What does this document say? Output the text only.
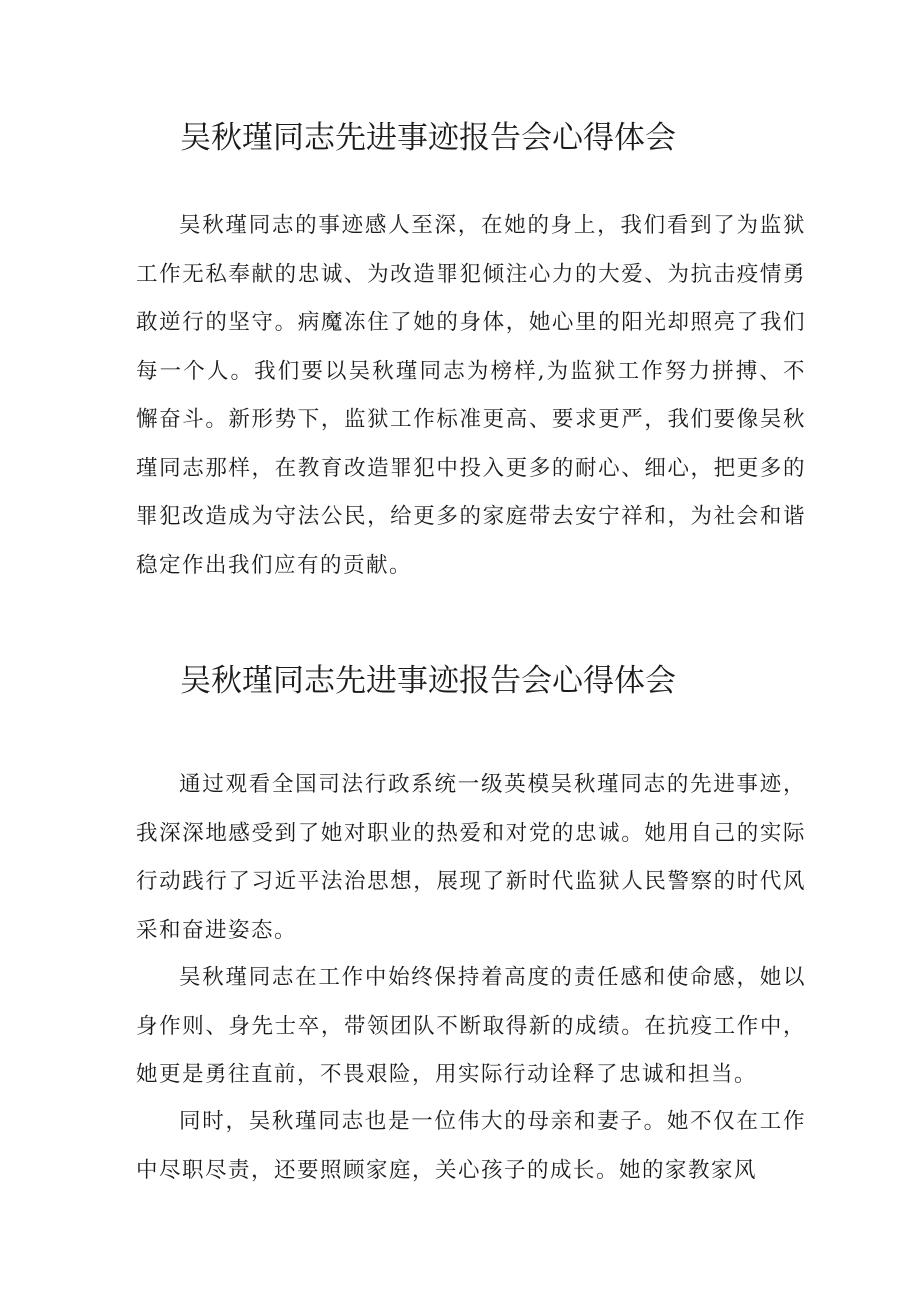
吴秋瑾同志先进事迹报告会心得体会

吴秋瑾同志的事迹感人至深，在她的身上，我们看到了为监狱工作无私奉献的忠诚、为改造罪犯倾注心力的大爱、为抗击疫情勇敢逆行的坚守。病魔冻住了她的身体，她心里的阳光却照亮了我们每一个人。我们要以吴秋瑾同志为榜样,为监狱工作努力拼搏、不懈奋斗。新形势下，监狱工作标准更高、要求更严，我们要像吴秋瑾同志那样，在教育改造罪犯中投入更多的耐心、细心，把更多的罪犯改造成为守法公民，给更多的家庭带去安宁祥和，为社会和谐稳定作出我们应有的贡献。

吴秋瑾同志先进事迹报告会心得体会

通过观看全国司法行政系统一级英模吴秋瑾同志的先进事迹，我深深地感受到了她对职业的热爱和对党的忠诚。她用自己的实际行动践行了习近平法治思想，展现了新时代监狱人民警察的时代风采和奋进姿态。

吴秋瑾同志在工作中始终保持着高度的责任感和使命感，她以身作则、身先士卒，带领团队不断取得新的成绩。在抗疫工作中，她更是勇往直前，不畏艰险，用实际行动诠释了忠诚和担当。

同时，吴秋瑾同志也是一位伟大的母亲和妻子。她不仅在工作中尽职尽责，还要照顾家庭，关心孩子的成长。她的家教家风
